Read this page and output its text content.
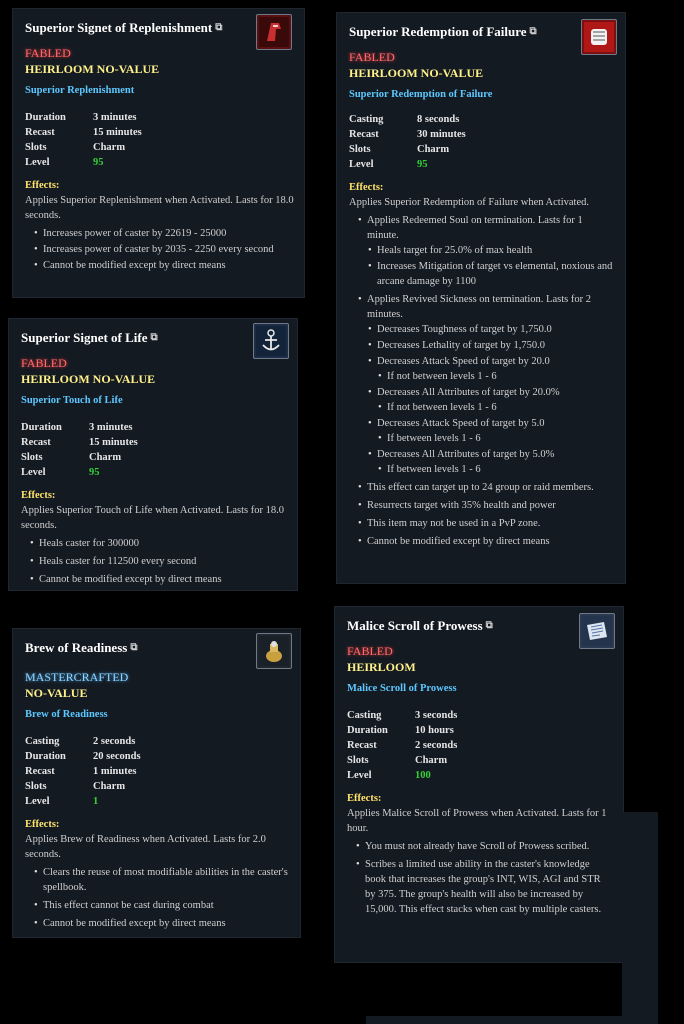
Superior Signet of Replenishment ⧉
FABLED
HEIRLOOM NO-VALUE
Superior Replenishment
Duration	3 minutes
Recast	15 minutes
Slots	Charm
Level	95
Effects:
Applies Superior Replenishment when Activated. Lasts for 18.0 seconds.
• Increases power of caster by 22619 - 25000
• Increases power of caster by 2035 - 2250 every second
• Cannot be modified except by direct means
Superior Redemption of Failure ⧉
FABLED
HEIRLOOM NO-VALUE
Superior Redemption of Failure
Casting	8 seconds
Recast	30 minutes
Slots	Charm
Level	95
Effects:
Applies Superior Redemption of Failure when Activated.
• Applies Redeemed Soul on termination. Lasts for 1 minute.
• Heals target for 25.0% of max health
• Increases Mitigation of target vs elemental, noxious and arcane damage by 1100
• Applies Revived Sickness on termination. Lasts for 2 minutes.
• Decreases Toughness of target by 1,750.0
• Decreases Lethality of target by 1,750.0
• Decreases Attack Speed of target by 20.0
• If not between levels 1 - 6
• Decreases All Attributes of target by 20.0%
• If not between levels 1 - 6
• Decreases Attack Speed of target by 5.0
• If between levels 1 - 6
• Decreases All Attributes of target by 5.0%
• If between levels 1 - 6
• This effect can target up to 24 group or raid members.
• Resurrects target with 35% health and power
• This item may not be used in a PvP zone.
• Cannot be modified except by direct means
Superior Signet of Life ⧉
FABLED
HEIRLOOM NO-VALUE
Superior Touch of Life
Duration	3 minutes
Recast	15 minutes
Slots	Charm
Level	95
Effects:
Applies Superior Touch of Life when Activated. Lasts for 18.0 seconds.
• Heals caster for 300000
• Heals caster for 112500 every second
• Cannot be modified except by direct means
Brew of Readiness ⧉
MASTERCRAFTED
NO-VALUE
Brew of Readiness
Casting	2 seconds
Duration	20 seconds
Recast	1 minutes
Slots	Charm
Level	1
Effects:
Applies Brew of Readiness when Activated. Lasts for 2.0 seconds.
• Clears the reuse of most modifiable abilities in the caster's spellbook.
• This effect cannot be cast during combat
• Cannot be modified except by direct means
Malice Scroll of Prowess ⧉
FABLED
HEIRLOOM
Malice Scroll of Prowess
Casting	3 seconds
Duration	10 hours
Recast	2 seconds
Slots	Charm
Level	100
Effects:
Applies Malice Scroll of Prowess when Activated. Lasts for 1 hour.
• You must not already have Scroll of Prowess scribed.
• Scribes a limited use ability in the caster's knowledge book that increases the group's INT, WIS, AGI and STR by 375. The group's health will also be increased by 15,000. This effect stacks when cast by multiple casters.
